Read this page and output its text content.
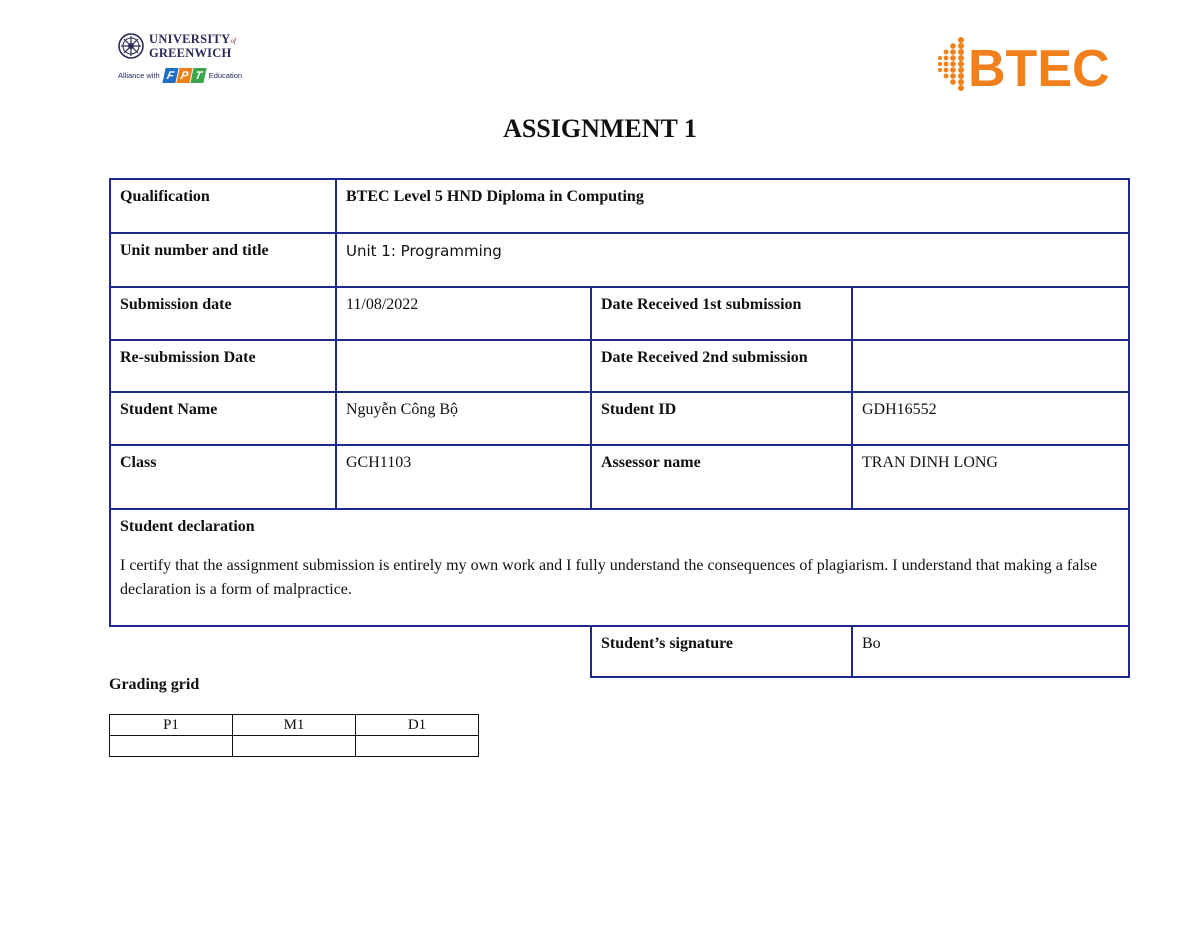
UNIVERSITYof
GREENWICH
Alliance with F P T Education	BTEC
ASSIGNMENT 1
Qualification	BTEC Level 5 HND Diploma in Computing		
Unit number and title	Unit 1: Programming		
Submission date	11/08/2022	Date Received 1st submission	
Re-submission Date		Date Received 2nd submission	
Student Name	Nguyễn Công Bộ	Student ID	GDH16552
Class	GCH1103	Assessor name	TRAN DINH LONG

Student declaration
I certify that the assignment submission is entirely my own work and I fully understand the consequences of plagiarism. I understand that making a false declaration is a form of malpractice.			

		Student’s signature	Bo
Grading grid
P1	M1	D1
